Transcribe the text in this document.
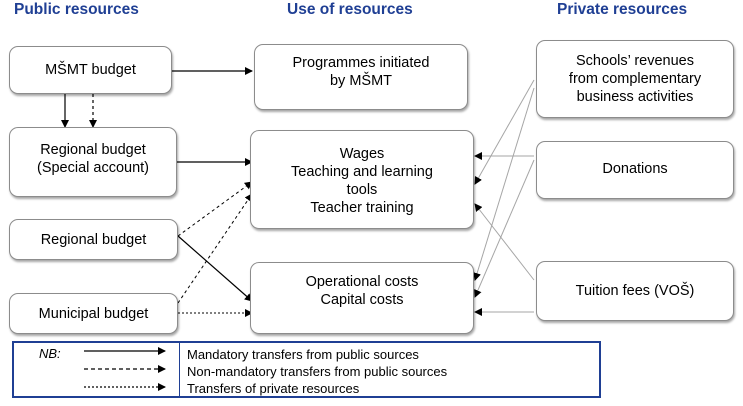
Public resources	Use of resources	Private resources
MŠMT budget
Regional budget
(Special account)
Regional budget
Municipal budget
Programmes initiated
by MŠMT
Wages
Teaching and learning
tools
Teacher training
Operational costs
Capital costs
Schools’ revenues
from complementary
business activities
Donations
Tuition fees (VOŠ)
NB:	Mandatory transfers from public sources
Non-mandatory transfers from public sources
Transfers of private resources
